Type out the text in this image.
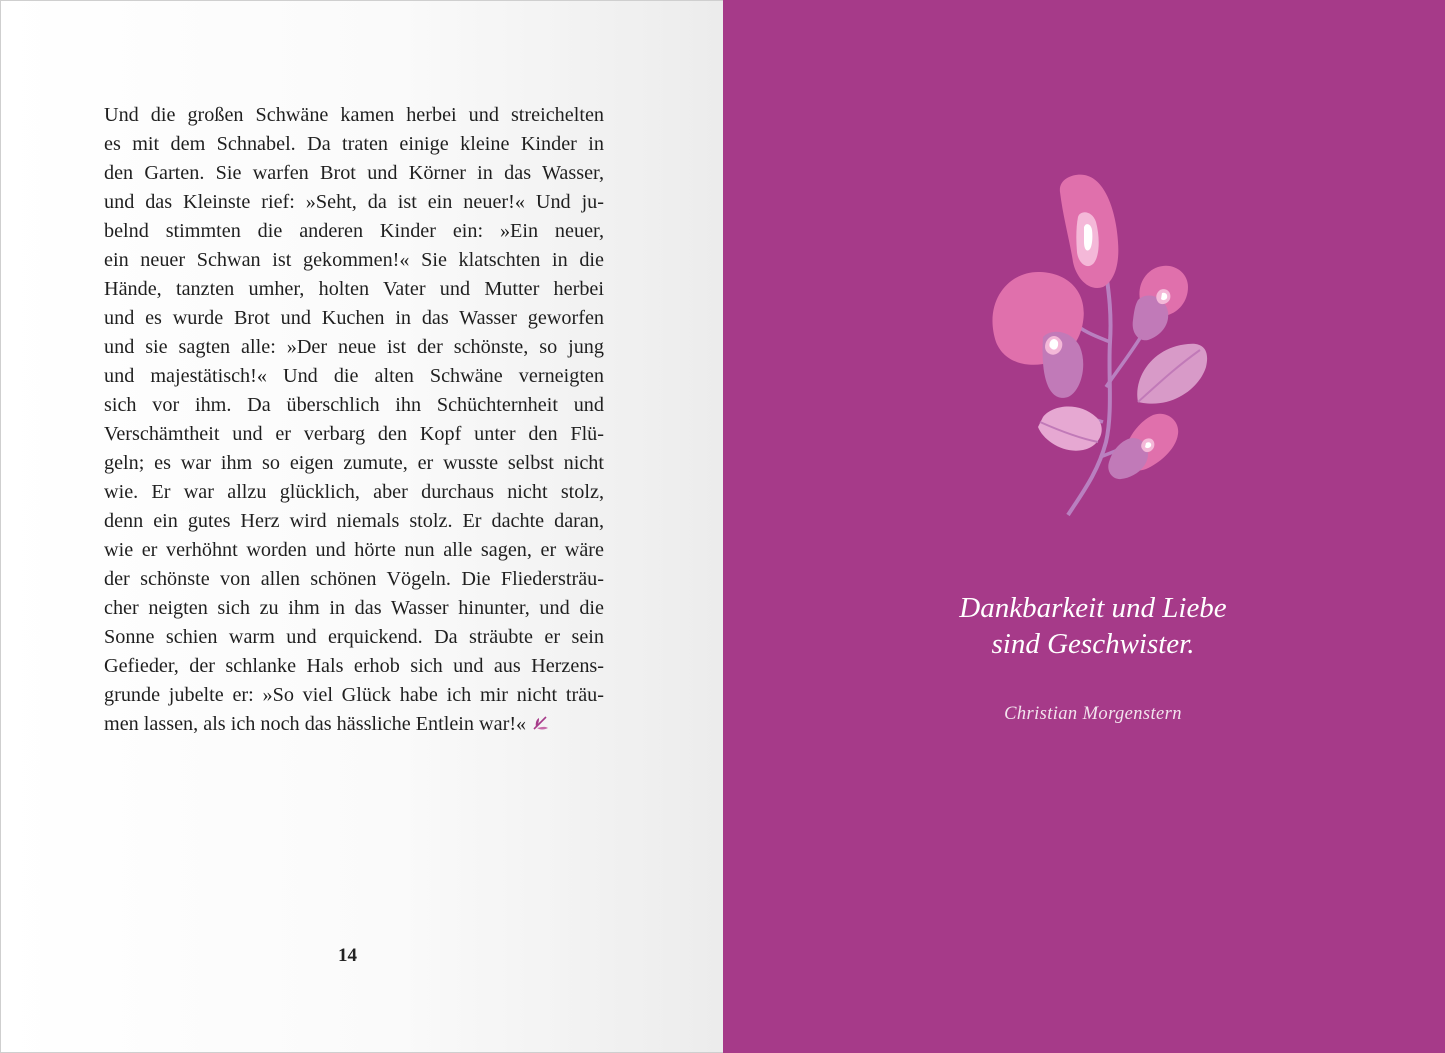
Und die großen Schwäne kamen herbei und streichelten
es mit dem Schnabel. Da traten einige kleine Kinder in
den Garten. Sie warfen Brot und Körner in das Wasser,
und das Kleinste rief: »Seht, da ist ein neuer!« Und ju-
belnd stimmten die anderen Kinder ein: »Ein neuer,
ein neuer Schwan ist gekommen!« Sie klatschten in die
Hände, tanzten umher, holten Vater und Mutter herbei
und es wurde Brot und Kuchen in das Wasser geworfen
und sie sagten alle: »Der neue ist der schönste, so jung
und majestätisch!« Und die alten Schwäne verneigten
sich vor ihm. Da überschlich ihn Schüchternheit und
Verschämtheit und er verbarg den Kopf unter den Flü-
geln; es war ihm so eigen zumute, er wusste selbst nicht
wie. Er war allzu glücklich, aber durchaus nicht stolz,
denn ein gutes Herz wird niemals stolz. Er dachte daran,
wie er verhöhnt worden und hörte nun alle sagen, er wäre
der schönste von allen schönen Vögeln. Die Fliedersträu-
cher neigten sich zu ihm in das Wasser hinunter, und die
Sonne schien warm und erquickend. Da sträubte er sein
Gefieder, der schlanke Hals erhob sich und aus Herzens-
grunde jubelte er: »So viel Glück habe ich mir nicht träu-
men lassen, als ich noch das hässliche Entlein war!«
14
Dankbarkeit und Liebe
sind Geschwister.
Christian Morgenstern
